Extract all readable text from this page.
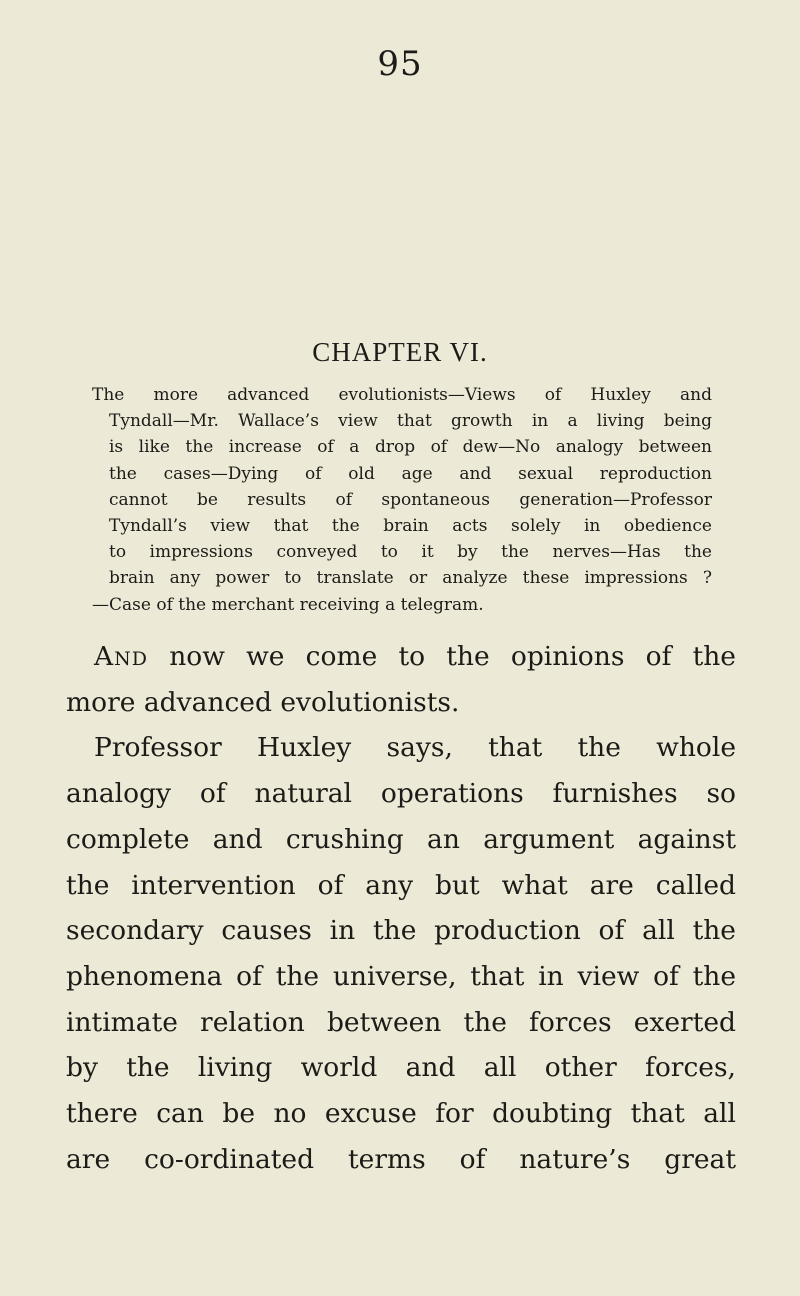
95
CHAPTER VI.
The more advanced evolutionists—Views of Huxley and
Tyndall—Mr. Wallace’s view that growth in a living being
is like the increase of a drop of dew—No analogy between
the cases—Dying of old age and sexual reproduction
cannot be results of spontaneous generation—Professor
Tyndall’s view that the brain acts solely in obedience
to impressions conveyed to it by the nerves—Has the
brain any power to translate or analyze these impressions ?
—Case of the merchant receiving a telegram.
And now we come to the opinions of the
more advanced evolutionists.
Professor Huxley says, that the whole
analogy of natural operations furnishes so
complete and crushing an argument against
the intervention of any but what are called
secondary causes in the production of all the
phenomena of the universe, that in view of the
intimate relation between the forces exerted
by the living world and all other forces,
there can be no excuse for doubting that all
are co-ordinated terms of nature’s great
